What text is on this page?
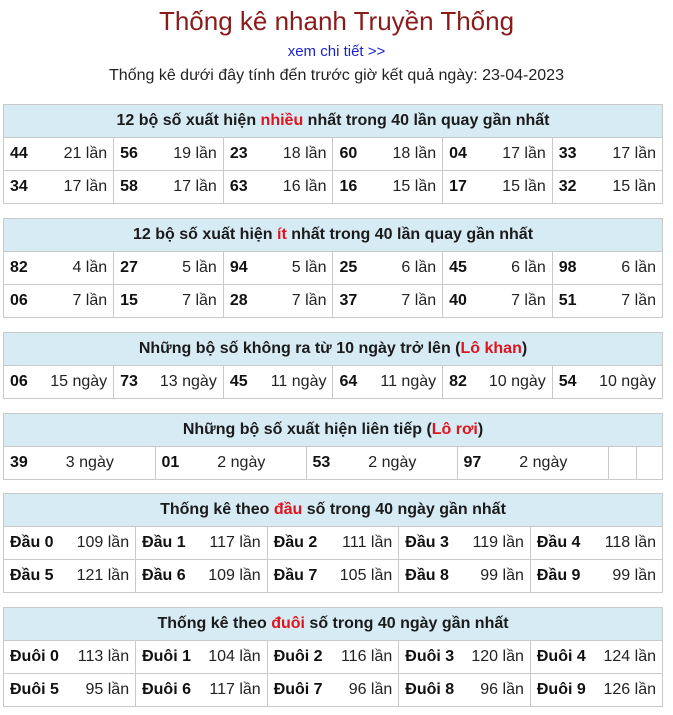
Thống kê nhanh Truyền Thống
xem chi tiết >>
Thống kê dưới đây tính đến trước giờ kết quả ngày: 23-04-2023
12 bộ số xuất hiện nhiều nhất trong 40 lần quay gần nhất
44 21 lần	56 19 lần	23 18 lần	60 18 lần	04 17 lần	33 17 lần

34 17 lần	58 17 lần	63 16 lần	16 15 lần	17 15 lần	32 15 lần
12 bộ số xuất hiện ít nhất trong 40 lần quay gần nhất
82 4 lần	27 5 lần	94 5 lần	25 6 lần	45 6 lần	98 6 lần

06 7 lần	15 7 lần	28 7 lần	37 7 lần	40 7 lần	51 7 lần
Những bộ số không ra từ 10 ngày trở lên (Lô khan)
06 15 ngày	73 13 ngày	45 11 ngày	64 11 ngày	82 10 ngày	54 10 ngày
Những bộ số xuất hiện liên tiếp (Lô rơi)
39 3 ngày	01 2 ngày	53 2 ngày	97 2 ngày

Thống kê theo đầu số trong 40 ngày gần nhất
Đầu 0 109 lần	Đầu 1 117 lần	Đầu 2 111 lần	Đầu 3 119 lần	Đầu 4 118 lần

Đầu 5 121 lần	Đầu 6 109 lần	Đầu 7 105 lần	Đầu 8 99 lần	Đầu 9 99 lần
Thống kê theo đuôi số trong 40 ngày gần nhất
Đuôi 0 113 lần	Đuôi 1 104 lần	Đuôi 2 116 lần	Đuôi 3 120 lần	Đuôi 4 124 lần

Đuôi 5 95 lần	Đuôi 6 117 lần	Đuôi 7 96 lần	Đuôi 8 96 lần	Đuôi 9 126 lần
